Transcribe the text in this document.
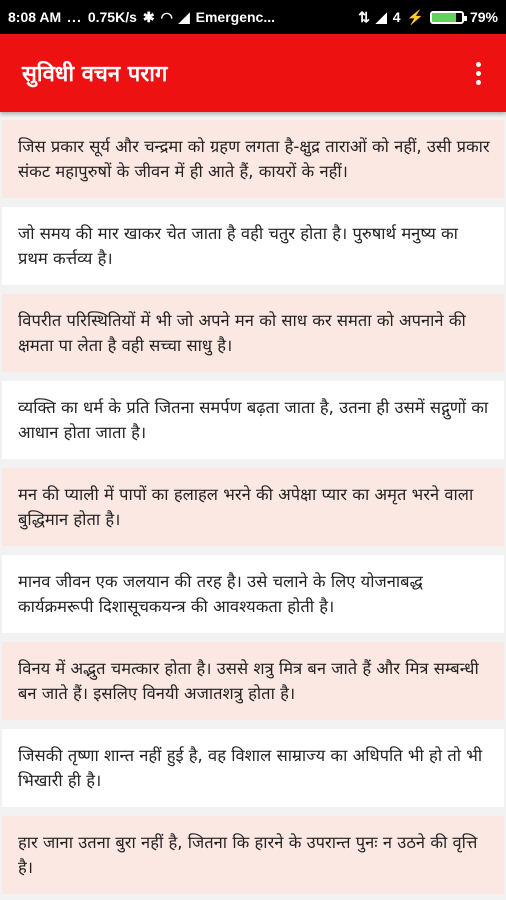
8:08 AM ... 0.75K/s ✱ ◠ ◢ Emergenc...	⇅ ◢ 4 ⚡	79%
सुविधी वचन पराग
जिस प्रकार सूर्य और चन्द्रमा को ग्रहण लगता है-क्षुद्र ताराओं को नहीं, उसी प्रकार संकट महापुरुषों के जीवन में ही आते हैं, कायरों के नहीं।
जो समय की मार खाकर चेत जाता है वही चतुर होता है। पुरुषार्थ मनुष्य का प्रथम कर्त्तव्य है।
विपरीत परिस्थितियों में भी जो अपने मन को साध कर समता को अपनाने की क्षमता पा लेता है वही सच्चा साधु है।
व्यक्ति का धर्म के प्रति जितना समर्पण बढ़ता जाता है, उतना ही उसमें सद्गुणों का आधान होता जाता है।
मन की प्याली में पापों का हलाहल भरने की अपेक्षा प्यार का अमृत भरने वाला बुद्धिमान होता है।
मानव जीवन एक जलयान की तरह है। उसे चलाने के लिए योजनाबद्ध कार्यक्रमरूपी दिशासूचकयन्त्र की आवश्यकता होती है।
विनय में अद्भुत चमत्कार होता है। उससे शत्रु मित्र बन जाते हैं और मित्र सम्बन्धी बन जाते हैं। इसलिए विनयी अजातशत्रु होता है।
जिसकी तृष्णा शान्त नहीं हुई है, वह विशाल साम्राज्य का अधिपति भी हो तो भी भिखारी ही है।
हार जाना उतना बुरा नहीं है, जितना कि हारने के उपरान्त पुनः न उठने की वृत्ति है।
